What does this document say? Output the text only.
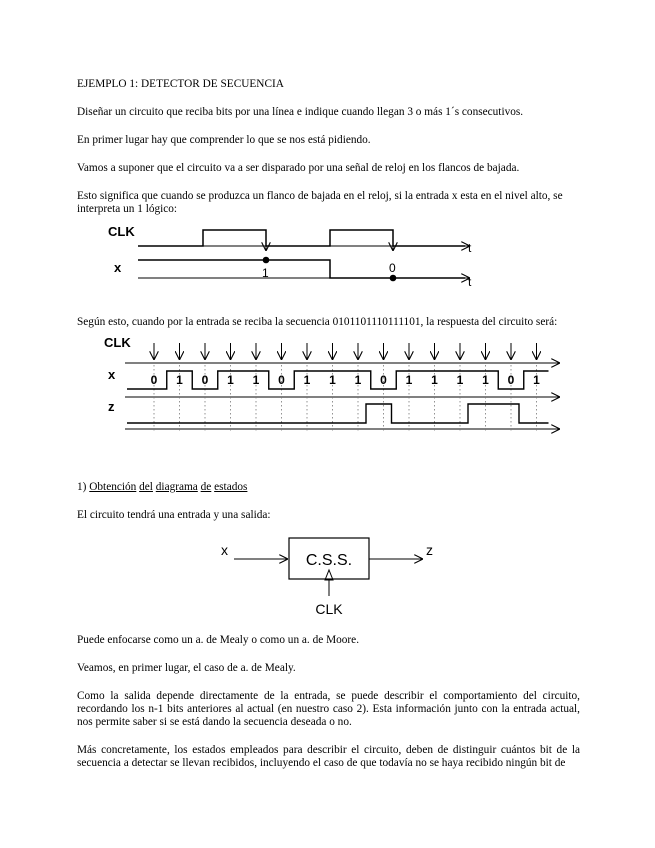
EJEMPLO 1: DETECTOR DE SECUENCIA
Diseñar un circuito que reciba bits por una línea e indique cuando llegan 3 o más 1´s consecutivos.
En primer lugar hay que comprender lo que se nos está pidiendo.
Vamos a suponer que el circuito va a ser disparado por una señal de reloj en los flancos de bajada.
Esto significa que cuando se produzca un flanco de bajada en el reloj, si la entrada x esta en el nivel alto, se interpreta un 1 lógico:
CLK
x
t
t
1	0
Según esto, cuando por la entrada se reciba la secuencia 0101101110111101, la respuesta del circuito será:
CLK
x
z
0 1 0 1 1 0 1 1 1 0 1 1 1 1 0 1
1) Obtención del diagrama de estados
El circuito tendrá una entrada y una salida:
C.S.S.
x	z
CLK
Puede enfocarse como un a. de Mealy o como un a. de Moore.
Veamos, en primer lugar, el caso de a. de Mealy.
Como la salida depende directamente de la entrada, se puede describir el comportamiento del circuito, recordando los n-1 bits anteriores al actual (en nuestro caso 2). Esta información junto con la entrada actual, nos permite saber si se está dando la secuencia deseada o no.
Más concretamente, los estados empleados para describir el circuito, deben de distinguir cuántos bit de la secuencia a detectar se llevan recibidos, incluyendo el caso de que todavía no se haya recibido ningún bit de
